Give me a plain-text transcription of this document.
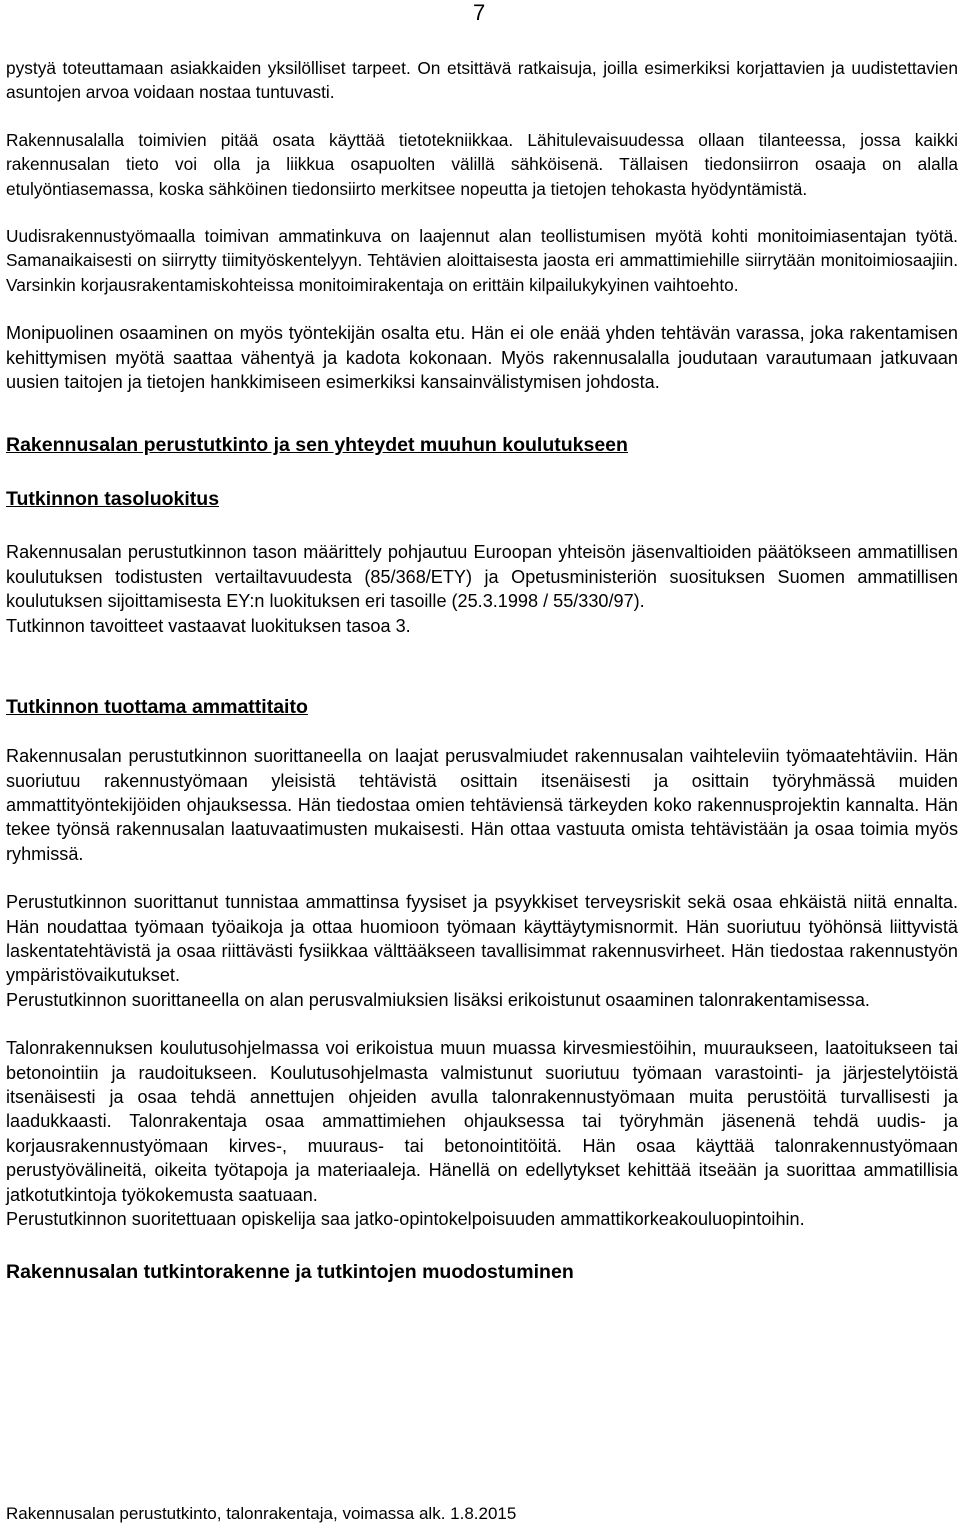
7

pystyä toteuttamaan asiakkaiden yksilölliset tarpeet. On etsittävä ratkaisuja, joilla esimerkiksi korjattavien ja uudistettavien asuntojen arvoa voidaan nostaa tuntuvasti.

Rakennusalalla toimivien pitää osata käyttää tietotekniikkaa. Lähitulevaisuudessa ollaan tilanteessa, jossa kaikki rakennusalan tieto voi olla ja liikkua osapuolten välillä sähköisenä. Tällaisen tiedonsiirron osaaja on alalla etulyöntiasemassa, koska sähköinen tiedonsiirto merkitsee nopeutta ja tietojen tehokasta hyödyntämistä.

Uudisrakennustyömaalla toimivan ammatinkuva on laajennut alan teollistumisen myötä kohti monitoimiasentajan työtä. Samanaikaisesti on siirrytty tiimityöskentelyyn. Tehtävien aloittaisesta jaosta eri ammattimiehille siirrytään monitoimiosaajiin. Varsinkin korjausrakentamiskohteissa monitoimirakentaja on erittäin kilpailukykyinen vaihtoehto.

Monipuolinen osaaminen on myös työntekijän osalta etu. Hän ei ole enää yhden tehtävän varassa, joka rakentamisen kehittymisen myötä saattaa vähentyä ja kadota kokonaan. Myös rakennusalalla joudutaan varautumaan jatkuvaan uusien taitojen ja tietojen hankkimiseen esimerkiksi kansainvälistymisen johdosta.

Rakennusalan perustutkinto ja sen yhteydet muuhun koulutukseen
Tutkinnon tasoluokitus

Rakennusalan perustutkinnon tason määrittely pohjautuu Euroopan yhteisön jäsenvaltioiden päätökseen ammatillisen koulutuksen todistusten vertailtavuudesta (85/368/ETY) ja Opetusministeriön suosituksen Suomen ammatillisen koulutuksen sijoittamisesta EY:n luokituksen eri tasoille (25.3.1998 / 55/330/97).

Tutkinnon tavoitteet vastaavat luokituksen tasoa 3.

Tutkinnon tuottama ammattitaito

Rakennusalan perustutkinnon suorittaneella on laajat perusvalmiudet rakennusalan vaihteleviin työmaatehtäviin. Hän suoriutuu rakennustyömaan yleisistä tehtävistä osittain itsenäisesti ja osittain työryhmässä muiden ammattityöntekijöiden ohjauksessa. Hän tiedostaa omien tehtäviensä tärkeyden koko rakennusprojektin kannalta. Hän tekee työnsä rakennusalan laatuvaatimusten mukaisesti. Hän ottaa vastuuta omista tehtävistään ja osaa toimia myös ryhmissä.

Perustutkinnon suorittanut tunnistaa ammattinsa fyysiset ja psyykkiset terveysriskit sekä osaa ehkäistä niitä ennalta. Hän noudattaa työmaan työaikoja ja ottaa huomioon työmaan käyttäytymisnormit. Hän suoriutuu työhönsä liittyvistä laskentatehtävistä ja osaa riittävästi fysiikkaa välttääkseen tavallisimmat rakennusvirheet. Hän tiedostaa rakennustyön ympäristövaikutukset.

Perustutkinnon suorittaneella on alan perusvalmiuksien lisäksi erikoistunut osaaminen talonrakentamisessa.

Talonrakennuksen koulutusohjelmassa voi erikoistua muun muassa kirvesmiestöihin, muuraukseen, laatoitukseen tai betonointiin ja raudoitukseen. Koulutusohjelmasta valmistunut suoriutuu työmaan varastointi- ja järjestelytöistä itsenäisesti ja osaa tehdä annettujen ohjeiden avulla talonrakennustyömaan muita perustöitä turvallisesti ja laadukkaasti. Talonrakentaja osaa ammattimiehen ohjauksessa tai työryhmän jäsenenä tehdä uudis- ja korjausrakennustyömaan kirves-, muuraus- tai betonointitöitä. Hän osaa käyttää talonrakennustyömaan perustyövälineitä, oikeita työtapoja ja materiaaleja. Hänellä on edellytykset kehittää itseään ja suorittaa ammatillisia jatkotutkintoja työkokemusta saatuaan.

Perustutkinnon suoritettuaan opiskelija saa jatko-opintokelpoisuuden ammattikorkeakouluopintoihin.

Rakennusalan tutkintorakenne ja tutkintojen muodostuminen
Rakennusalan perustutkinto, talonrakentaja, voimassa alk. 1.8.2015
